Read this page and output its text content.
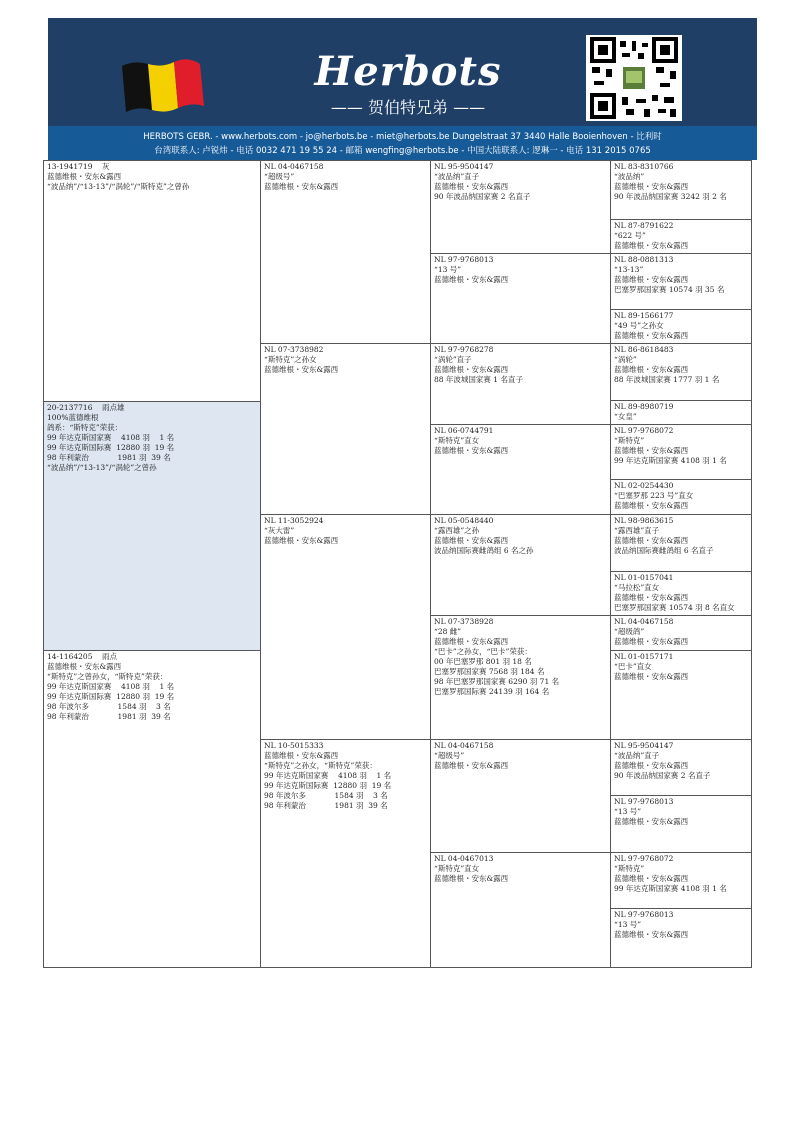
Herbots
—— 贺伯特兄弟 ——
HERBOTS GEBR. - www.herbots.com - jo@herbots.be - miet@herbots.be Dungelstraat 37 3440 Halle Booienhoven - 比利时
台湾联系人: 卢锐炜 - 电话 0032 471 19 55 24 - 邮箱 wengfing@herbots.be - 中国大陆联系人: 逻琳一 - 电话 131 2015 0765
13-1941719    灰
蓝德维根・安东&露西
“波品纳”/“13-13”/“涡轮”/“斯特克”之曾孙
20-2137716    雨点雄
100%蓝德维根
鸽系：“斯特克”荣获：
99 年达克斯国家赛    4108 羽    1 名
99 年达克斯国际赛  12880 羽  19 名
98 年利蒙治            1981 羽  39 名
“波品纳”/“13-13”/“涡轮”之曾孙
14-1164205    雨点
蓝德维根・安东&露西
“斯特克”之曾孙女，“斯特克”荣获：
99 年达克斯国家赛    4108 羽    1 名
99 年达克斯国际赛  12880 羽  19 名
98 年波尔多            1584 羽    3 名
98 年利蒙治            1981 羽  39 名
NL 04-0467158
“超级号”
蓝德维根・安东&露西
NL 07-3738982
“斯特克”之孙女
蓝德维根・安东&露西
NL 11-3052924
“灰大雷”
蓝德维根・安东&露西
NL 10-5015333
蓝德维根・安东&露西
“斯特克”之孙女，“斯特克”荣获：
99 年达克斯国家赛    4108 羽    1 名
99 年达克斯国际赛  12880 羽  19 名
98 年波尔多            1584 羽    3 名
98 年利蒙治            1981 羽  39 名
NL 95-9504147
“波品纳”直子
蓝德维根・安东&露西
90 年波品纳国家赛 2 名直子
NL 97-9768013
“13 号”
蓝德维根・安东&露西
NL 97-9768278
“涡轮”直子
蓝德维根・安东&露西
88 年波城国家赛 1 名直子
NL 06-0744791
“斯特克”直女
蓝德维根・安东&露西
NL 05-0548440
“露西雄”之孙
蓝德维根・安东&露西
波品纳国际赛雌鸽组 6 名之孙
NL 07-3738928
“28 雌”
蓝德维根・安东&露西
“巴卡”之孙女，“巴卡”荣获：
00 年巴塞罗那 801 羽 18 名
巴塞罗那国家赛 7568 羽 184 名
98 年巴塞罗那国家赛 6290 羽 71 名
巴塞罗那国际赛 24139 羽 164 名
NL 04-0467158
“超级号”
蓝德维根・安东&露西
NL 04-0467013
“斯特克”直女
蓝德维根・安东&露西
NL 83-8310766
“波品纳”
蓝德维根・安东&露西
90 年波品纳国家赛 3242 羽 2 名
NL 87-8791622
“622 号”
蓝德维根・安东&露西
NL 88-0881313
“13-13”
蓝德维根・安东&露西
巴塞罗那国家赛 10574 羽 35 名
NL 89-1566177
“49 号”之孙女
蓝德维根・安东&露西
NL 86-8618483
“涡轮”
蓝德维根・安东&露西
88 年波城国家赛 1777 羽 1 名
NL 89-8980719
“女皇”
NL 97-9768072
“斯特克”
蓝德维根・安东&露西
99 年达克斯国家赛 4108 羽 1 名
NL 02-0254430
“巴塞罗那 223 号”直女
蓝德维根・安东&露西
NL 98-9863615
“露西雄”直子
蓝德维根・安东&露西
波品纳国际赛雌鸽组 6 名直子
NL 01-0157041
“马拉松”直女
蓝德维根・安东&露西
巴塞罗那国家赛 10574 羽 8 名直女
NL 04-0467158
“超级鸽”
蓝德维根・安东&露西
NL 01-0157171
“巴卡”直女
蓝德维根・安东&露西
NL 95-9504147
“波品纳”直子
蓝德维根・安东&露西
90 年波品纳国家赛 2 名直子
NL 97-9768013
“13 号”
蓝德维根・安东&露西
NL 97-9768072
“斯特克”
蓝德维根・安东&露西
99 年达克斯国家赛 4108 羽 1 名
NL 97-9768013
“13 号”
蓝德维根・安东&露西
